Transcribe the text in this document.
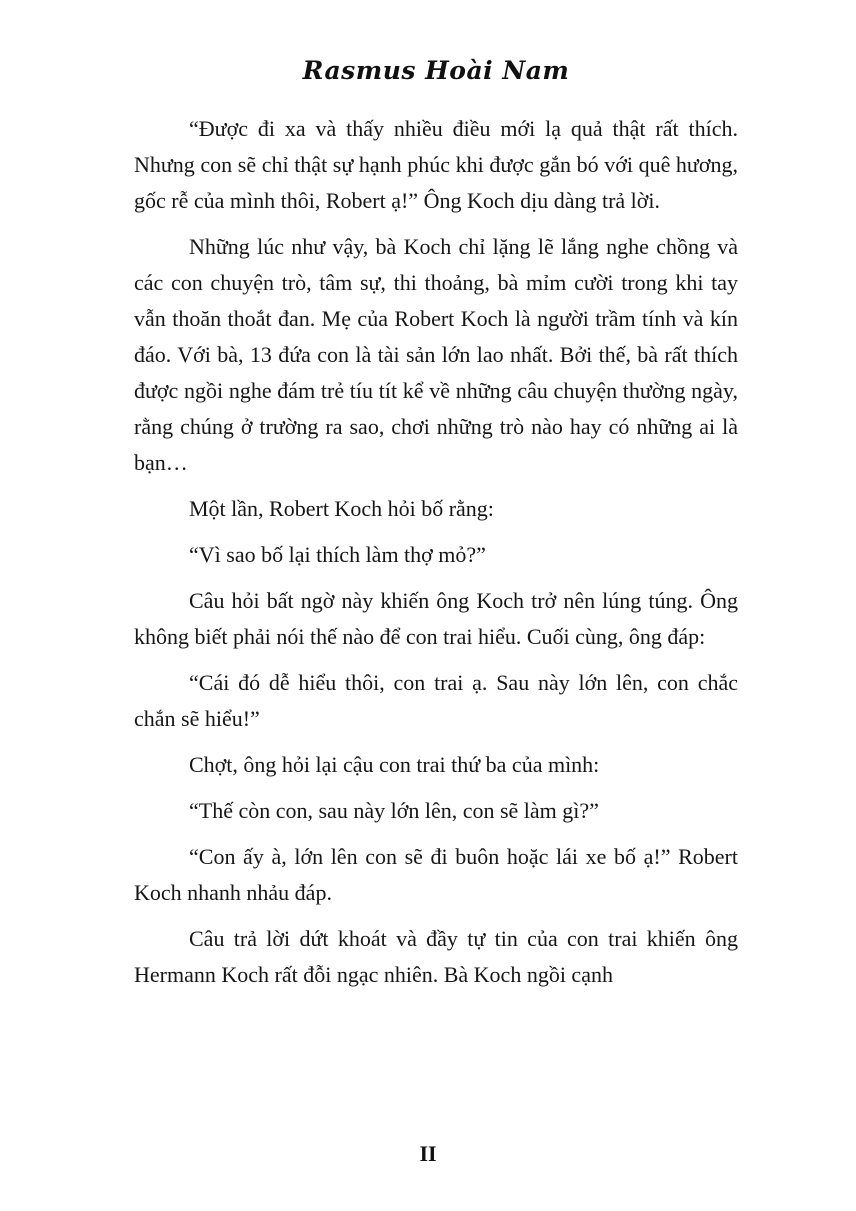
Rasmus Hoài Nam

“Được đi xa và thấy nhiều điều mới lạ quả thật rất thích. Nhưng con sẽ chỉ thật sự hạnh phúc khi được gắn bó với quê hương, gốc rễ của mình thôi, Robert ạ!” Ông Koch dịu dàng trả lời.

Những lúc như vậy, bà Koch chỉ lặng lẽ lắng nghe chồng và các con chuyện trò, tâm sự, thi thoảng, bà mỉm cười trong khi tay vẫn thoăn thoắt đan. Mẹ của Robert Koch là người trầm tính và kín đáo. Với bà, 13 đứa con là tài sản lớn lao nhất. Bởi thế, bà rất thích được ngồi nghe đám trẻ tíu tít kể về những câu chuyện thường ngày, rằng chúng ở trường ra sao, chơi những trò nào hay có những ai là bạn…

Một lần, Robert Koch hỏi bố rằng:

“Vì sao bố lại thích làm thợ mỏ?”

Câu hỏi bất ngờ này khiến ông Koch trở nên lúng túng. Ông không biết phải nói thế nào để con trai hiểu. Cuối cùng, ông đáp:

“Cái đó dễ hiểu thôi, con trai ạ. Sau này lớn lên, con chắc chắn sẽ hiểu!”

Chợt, ông hỏi lại cậu con trai thứ ba của mình:

“Thế còn con, sau này lớn lên, con sẽ làm gì?”

“Con ấy à, lớn lên con sẽ đi buôn hoặc lái xe bố ạ!” Robert Koch nhanh nhảu đáp.

Câu trả lời dứt khoát và đầy tự tin của con trai khiến ông Hermann Koch rất đỗi ngạc nhiên. Bà Koch ngồi cạnh

II
